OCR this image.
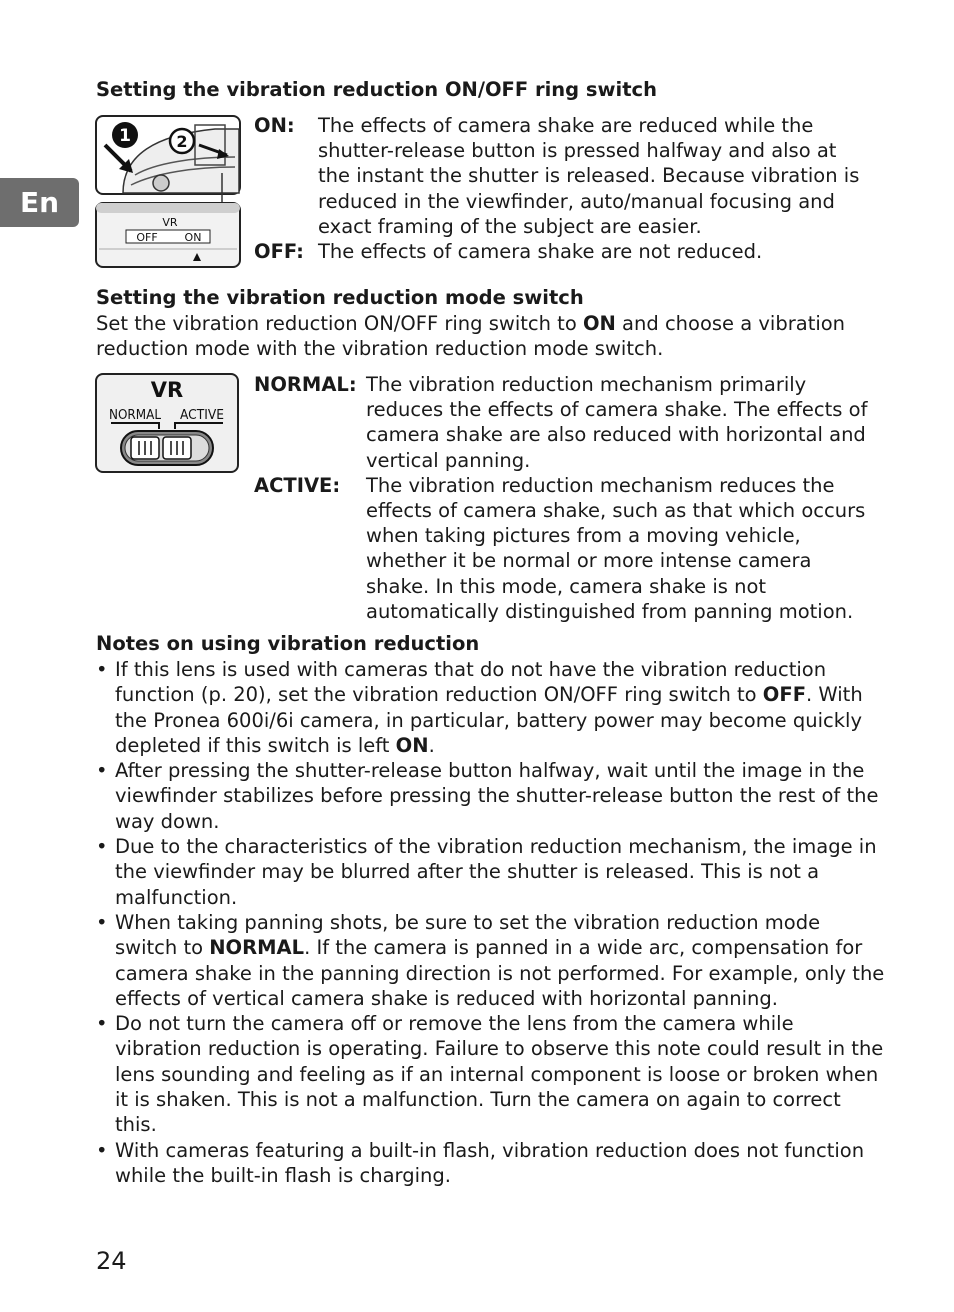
En
Setting the vibration reduction ON/OFF ring switch
1	2
VR
OFF ON
ON:	The effects of camera shake are reduced while the shutter-release button is pressed halfway and also at the instant the shutter is released. Because vibration is reduced in the viewfinder, auto/manual focusing and exact framing of the subject are easier.
OFF: The effects of camera shake are not reduced.
Setting the vibration reduction mode switch

Set the vibration reduction ON/OFF ring switch to ON and choose a vibration reduction mode with the vibration reduction mode switch.

VR
NORMAL ACTIVE
NORMAL: The vibration reduction mechanism primarily reduces the effects of camera shake. The effects of camera shake are also reduced with horizontal and vertical panning.
ACTIVE:	The vibration reduction mechanism reduces the effects of camera shake, such as that which occurs when taking pictures from a moving vehicle, whether it be normal or more intense camera shake. In this mode, camera shake is not automatically distinguished from panning motion.
Notes on using vibration reduction
• If this lens is used with cameras that do not have the vibration reduction function (p. 20), set the vibration reduction ON/OFF ring switch to OFF. With the Pronea 600i/6i camera, in particular, battery power may become quickly depleted if this switch is left ON.
• After pressing the shutter-release button halfway, wait until the image in the viewfinder stabilizes before pressing the shutter-release button the rest of the way down.
• Due to the characteristics of the vibration reduction mechanism, the image in the viewfinder may be blurred after the shutter is released. This is not a malfunction.
• When taking panning shots, be sure to set the vibration reduction mode switch to NORMAL. If the camera is panned in a wide arc, compensation for camera shake in the panning direction is not performed. For example, only the effects of vertical camera shake is reduced with horizontal panning.
• Do not turn the camera off or remove the lens from the camera while vibration reduction is operating. Failure to observe this note could result in the lens sounding and feeling as if an internal component is loose or broken when it is shaken. This is not a malfunction. Turn the camera on again to correct this.
• With cameras featuring a built-in flash, vibration reduction does not function while the built-in flash is charging.
24
